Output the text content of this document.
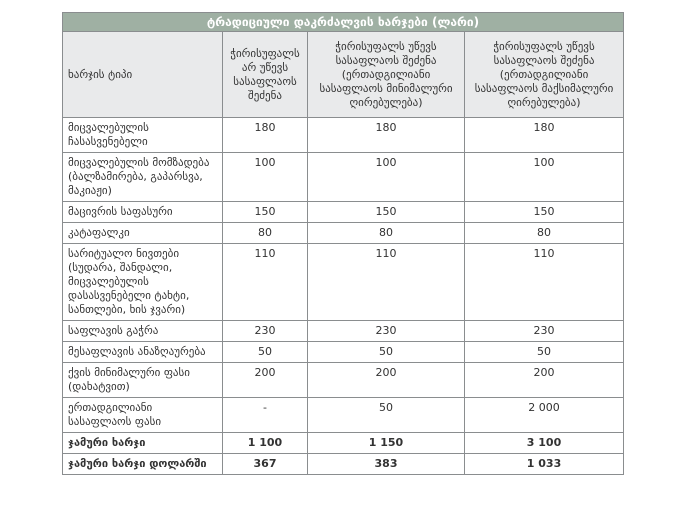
ტრადიციული დაკრძალვის ხარჯები (ლარი)			
ხარჯის ტიპი	ჭირისუფალს არ უწევს სასაფლაოს შეძენა	ჭირისუფალს უწევს სასაფლაოს შეძენა (ერთადგილიანი სასაფლაოს მინიმალური ღირებულება)	ჭირისუფალს უწევს სასაფლაოს შეძენა (ერთადგილიანი სასაფლაოს მაქსიმალური ღირებულება)
მიცვალებულის ჩასასვენებელი	180	180	180
მიცვალებულის მომზადება (ბალზამირება, გაპარსვა, მაკიაჟი)	100	100	100
მაცივრის საფასური	150	150	150
კატაფალკი	80	80	80
სარიტუალო ნივთები (სუდარა, შანდალი, მიცვალებულის დასასვენებელი ტახტი, სანთლები, ხის ჯვარი)	110	110	110
საფლავის გაჭრა	230	230	230
მესაფლავის ანაზღაურება	50	50	50
ქვის მინიმალური ფასი (დახატვით)	200	200	200
ერთადგილიანი სასაფლაოს ფასი	-	50	2 000
ჯამური ხარჯი	1 100	1 150	3 100
ჯამური ხარჯი დოლარში	367	383	1 033
